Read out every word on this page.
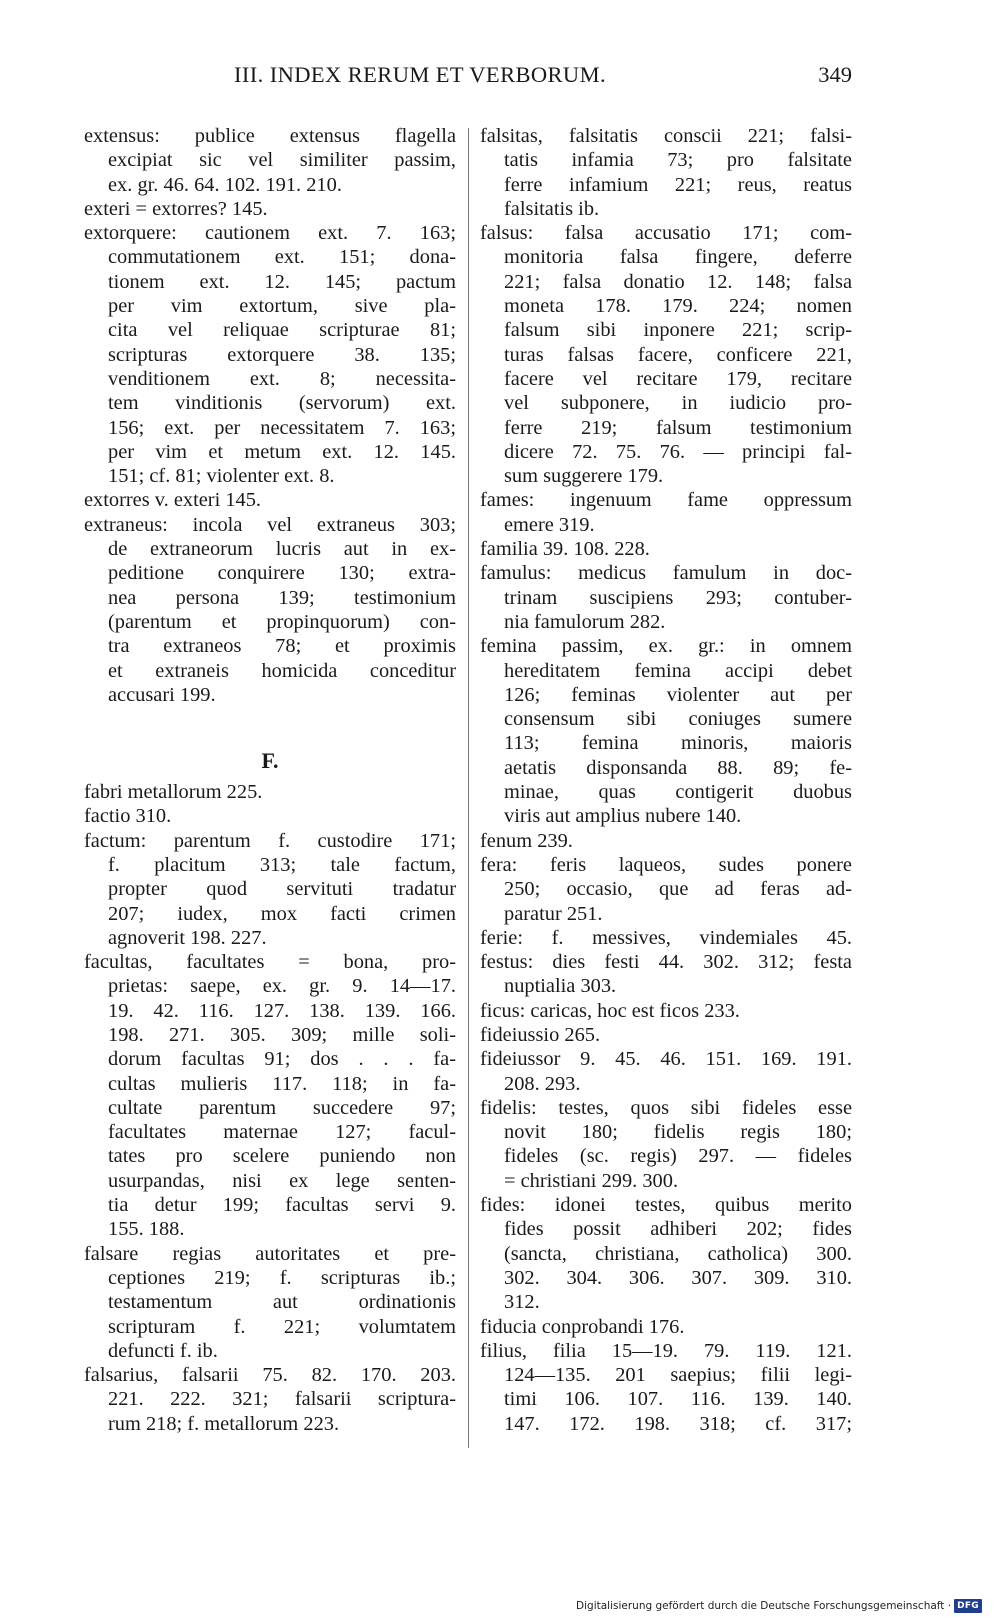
III. INDEX RERUM ET VERBORUM.	349
extensus: publice extensus flagella
excipiat sic vel similiter passim,
ex. gr. 46. 64. 102. 191. 210.
exteri = extorres? 145.
extorquere: cautionem ext. 7. 163;
commutationem ext. 151; dona-
tionem ext. 12. 145; pactum
per vim extortum, sive pla-
cita vel reliquae scripturae 81;
scripturas extorquere 38. 135;
venditionem ext. 8; necessita-
tem vinditionis (servorum) ext.
156; ext. per necessitatem 7. 163;
per vim et metum ext. 12. 145.
151; cf. 81; violenter ext. 8.
extorres v. exteri 145.
extraneus: incola vel extraneus 303;
de extraneorum lucris aut in ex-
peditione conquirere 130; extra-
nea persona 139; testimonium
(parentum et propinquorum) con-
tra extraneos 78; et proximis
et extraneis homicida conceditur
accusari 199.
F.
fabri metallorum 225.
factio 310.
factum: parentum f. custodire 171;
f. placitum 313; tale factum,
propter quod servituti tradatur
207; iudex, mox facti crimen
agnoverit 198. 227.
facultas, facultates = bona, pro-
prietas: saepe, ex. gr. 9. 14—17.
19. 42. 116. 127. 138. 139. 166.
198. 271. 305. 309; mille soli-
dorum facultas 91; dos . . . fa-
cultas mulieris 117. 118; in fa-
cultate parentum succedere 97;
facultates maternae 127; facul-
tates pro scelere puniendo non
usurpandas, nisi ex lege senten-
tia detur 199; facultas servi 9.
155. 188.
falsare regias autoritates et pre-
ceptiones 219; f. scripturas ib.;
testamentum aut ordinationis
scripturam f. 221; volumtatem
defuncti f. ib.
falsarius, falsarii 75. 82. 170. 203.
221. 222. 321; falsarii scriptura-
rum 218; f. metallorum 223.
falsitas, falsitatis conscii 221; falsi-
tatis infamia 73; pro falsitate
ferre infamium 221; reus, reatus
falsitatis ib.
falsus: falsa accusatio 171; com-
monitoria falsa fingere, deferre
221; falsa donatio 12. 148; falsa
moneta 178. 179. 224; nomen
falsum sibi inponere 221; scrip-
turas falsas facere, conficere 221,
facere vel recitare 179, recitare
vel subponere, in iudicio pro-
ferre 219; falsum testimonium
dicere 72. 75. 76. — principi fal-
sum suggerere 179.
fames: ingenuum fame oppressum
emere 319.
familia 39. 108. 228.
famulus: medicus famulum in doc-
trinam suscipiens 293; contuber-
nia famulorum 282.
femina passim, ex. gr.: in omnem
hereditatem femina accipi debet
126; feminas violenter aut per
consensum sibi coniuges sumere
113; femina minoris, maioris
aetatis disponsanda 88. 89; fe-
minae, quas contigerit duobus
viris aut amplius nubere 140.
fenum 239.
fera: feris laqueos, sudes ponere
250; occasio, que ad feras ad-
paratur 251.
ferie: f. messives, vindemiales 45.
festus: dies festi 44. 302. 312; festa
nuptialia 303.
ficus: caricas, hoc est ficos 233.
fideiussio 265.
fideiussor 9. 45. 46. 151. 169. 191.
208. 293.
fidelis: testes, quos sibi fideles esse
novit 180; fidelis regis 180;
fideles (sc. regis) 297. — fideles
= christiani 299. 300.
fides: idonei testes, quibus merito
fides possit adhiberi 202; fides
(sancta, christiana, catholica) 300.
302. 304. 306. 307. 309. 310.
312.
fiducia conprobandi 176.
filius, filia 15—19. 79. 119. 121.
124—135. 201 saepius; filii legi-
timi 106. 107. 116. 139. 140.
147. 172. 198. 318; cf. 317;
Digitalisierung gefördert durch die Deutsche Forschungsgemeinschaft · DFG
